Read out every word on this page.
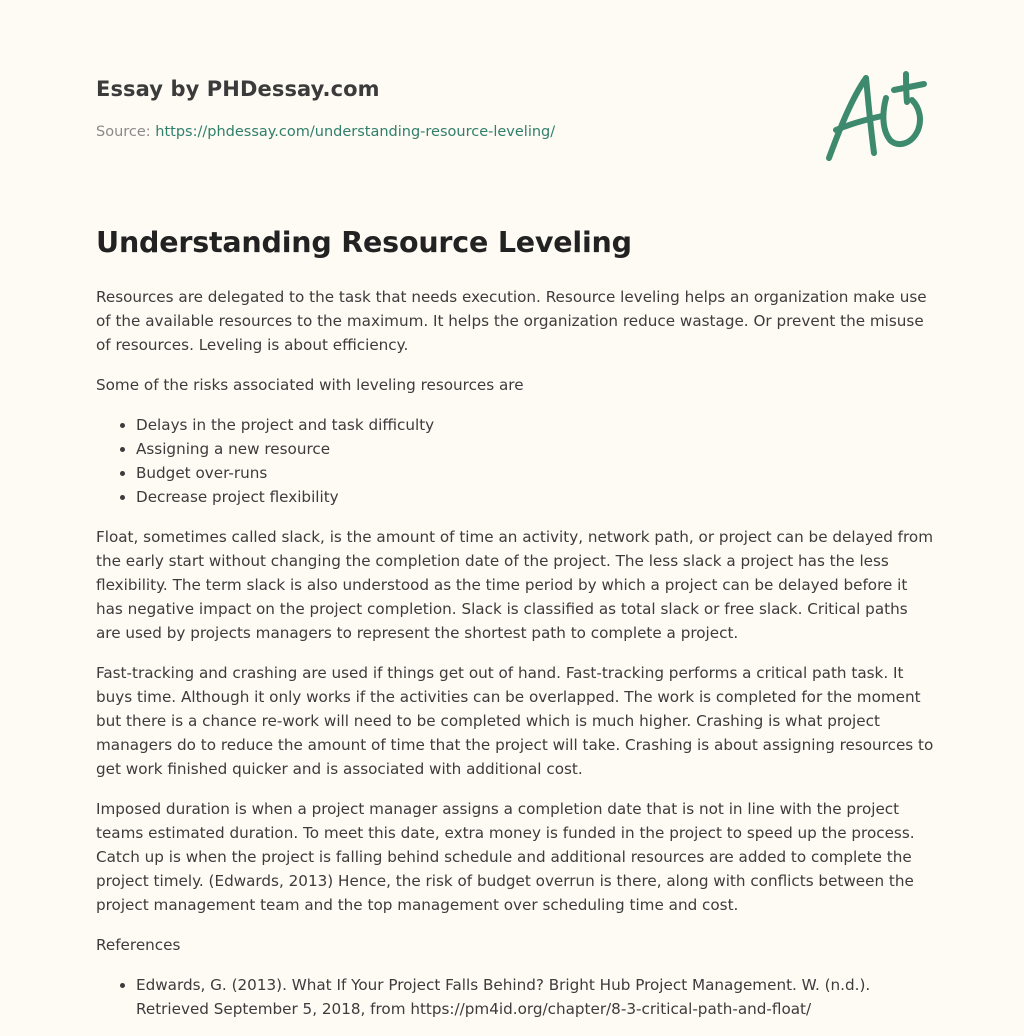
Essay by PHDessay.com
Source: https://phdessay.com/understanding-resource-leveling/
Understanding Resource Leveling

Resources are delegated to the task that needs execution. Resource leveling helps an organization make use of the available resources to the maximum. It helps the organization reduce wastage. Or prevent the misuse of resources. Leveling is about efficiency.

Some of the risks associated with leveling resources are

• Delays in the project and task difficulty
• Assigning a new resource
• Budget over-runs
• Decrease project flexibility

Float, sometimes called slack, is the amount of time an activity, network path, or project can be delayed from the early start without changing the completion date of the project. The less slack a project has the less flexibility. The term slack is also understood as the time period by which a project can be delayed before it has negative impact on the project completion. Slack is classified as total slack or free slack. Critical paths are used by projects managers to represent the shortest path to complete a project.

Fast-tracking and crashing are used if things get out of hand. Fast-tracking performs a critical path task. It buys time. Although it only works if the activities can be overlapped. The work is completed for the moment but there is a chance re-work will need to be completed which is much higher. Crashing is what project managers do to reduce the amount of time that the project will take. Crashing is about assigning resources to get work finished quicker and is associated with additional cost.

Imposed duration is when a project manager assigns a completion date that is not in line with the project teams estimated duration. To meet this date, extra money is funded in the project to speed up the process. Catch up is when the project is falling behind schedule and additional resources are added to complete the project timely. (Edwards, 2013) Hence, the risk of budget overrun is there, along with conflicts between the project management team and the top management over scheduling time and cost.

References

• Edwards, G. (2013). What If Your Project Falls Behind? Bright Hub Project Management. W. (n.d.). Retrieved September 5, 2018, from https://pm4id.org/chapter/8-3-critical-path-and-float/
